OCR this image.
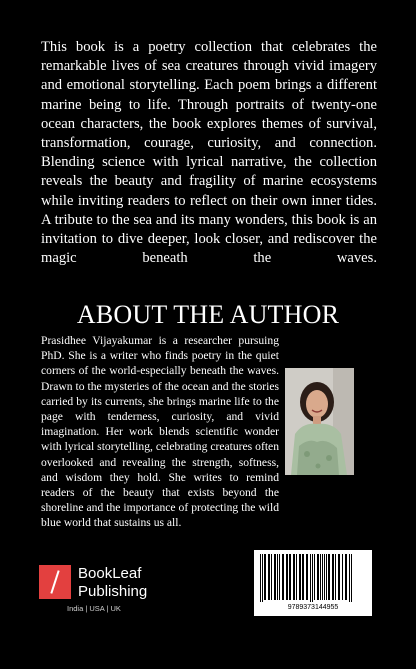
This book is a poetry collection that celebrates the remarkable lives of sea creatures through vivid imagery and emotional storytelling. Each poem brings a different marine being to life. Through portraits of twenty-one ocean characters, the book explores themes of survival, transformation, courage, curiosity, and connection. Blending science with lyrical narrative, the collection reveals the beauty and fragility of marine ecosystems while inviting readers to reflect on their own inner tides. A tribute to the sea and its many wonders, this book is an invitation to dive deeper, look closer, and rediscover the magic beneath the waves.

ABOUT THE AUTHOR

Prasidhee Vijayakumar is a researcher pursuing PhD. She is a writer who finds poetry in the quiet corners of the world-especially beneath the waves. Drawn to the mysteries of the ocean and the stories carried by its currents, she brings marine life to the page with tenderness, curiosity, and vivid imagination. Her work blends scientific wonder with lyrical storytelling, celebrating creatures often overlooked and revealing the strength, softness, and wisdom they hold. She writes to remind readers of the beauty that exists beyond the shoreline and the importance of protecting the wild blue world that sustains us all.

BookLeaf
Publishing
India | USA | UK	9789373144955
